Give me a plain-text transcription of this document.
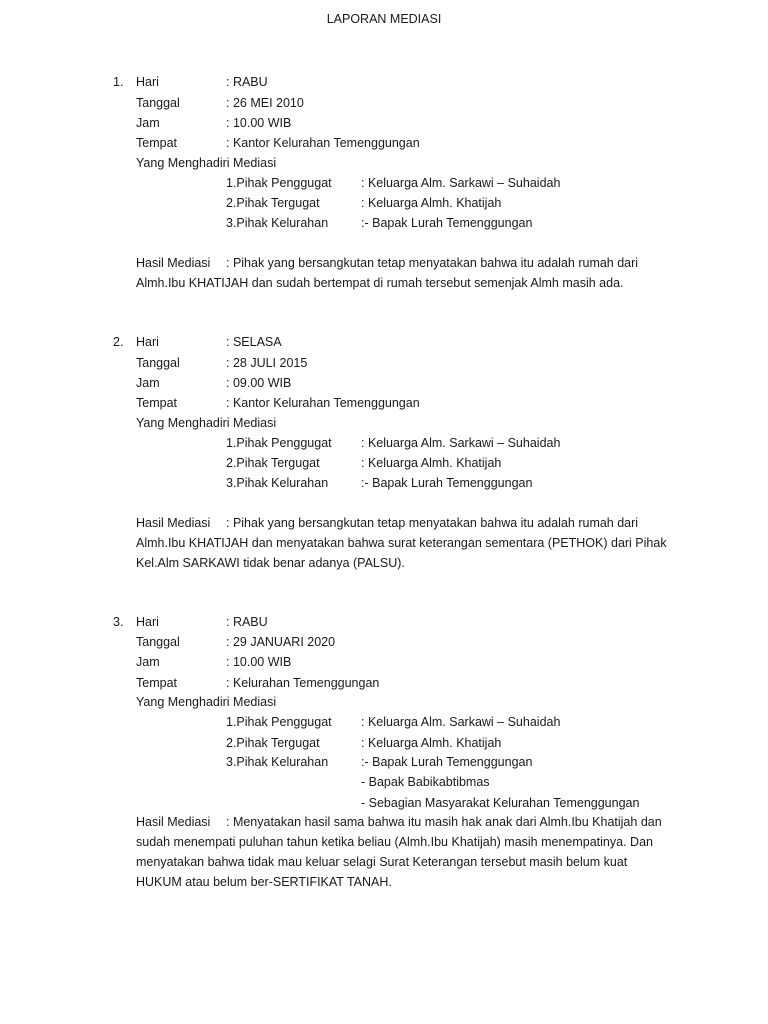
LAPORAN MEDIASI
1. Hari	: RABU
Tanggal	: 26 MEI 2010
Jam	: 10.00 WIB
Tempat	: Kantor Kelurahan Temenggungan
Yang Menghadiri Mediasi
1.Pihak Penggugat : Keluarga Alm. Sarkawi – Suhaidah
2.Pihak Tergugat	: Keluarga Almh. Khatijah
3.Pihak Kelurahan	:- Bapak Lurah Temenggungan
Hasil Mediasi : Pihak yang bersangkutan tetap menyatakan bahwa itu adalah rumah dari
Almh.Ibu KHATIJAH dan sudah bertempat di rumah tersebut semenjak Almh masih ada.
2. Hari	: SELASA
Tanggal	: 28 JULI 2015
Jam	: 09.00 WIB
Tempat	: Kantor Kelurahan Temenggungan
Yang Menghadiri Mediasi
1.Pihak Penggugat : Keluarga Alm. Sarkawi – Suhaidah
2.Pihak Tergugat	: Keluarga Almh. Khatijah
3.Pihak Kelurahan	:- Bapak Lurah Temenggungan
Hasil Mediasi : Pihak yang bersangkutan tetap menyatakan bahwa itu adalah rumah dari
Almh.Ibu KHATIJAH dan menyatakan bahwa surat keterangan sementara (PETHOK) dari Pihak
Kel.Alm SARKAWI tidak benar adanya (PALSU).
3. Hari	: RABU
Tanggal	: 29 JANUARI 2020
Jam	: 10.00 WIB
Tempat	: Kelurahan Temenggungan
Yang Menghadiri Mediasi
1.Pihak Penggugat : Keluarga Alm. Sarkawi – Suhaidah
2.Pihak Tergugat	: Keluarga Almh. Khatijah
3.Pihak Kelurahan	:- Bapak Lurah Temenggungan
- Bapak Babikabtibmas
- Sebagian Masyarakat Kelurahan Temenggungan
Hasil Mediasi : Menyatakan hasil sama bahwa itu masih hak anak dari Almh.Ibu Khatijah dan
sudah menempati puluhan tahun ketika beliau (Almh.Ibu Khatijah) masih menempatinya. Dan
menyatakan bahwa tidak mau keluar selagi Surat Keterangan tersebut masih belum kuat
HUKUM atau belum ber-SERTIFIKAT TANAH.
